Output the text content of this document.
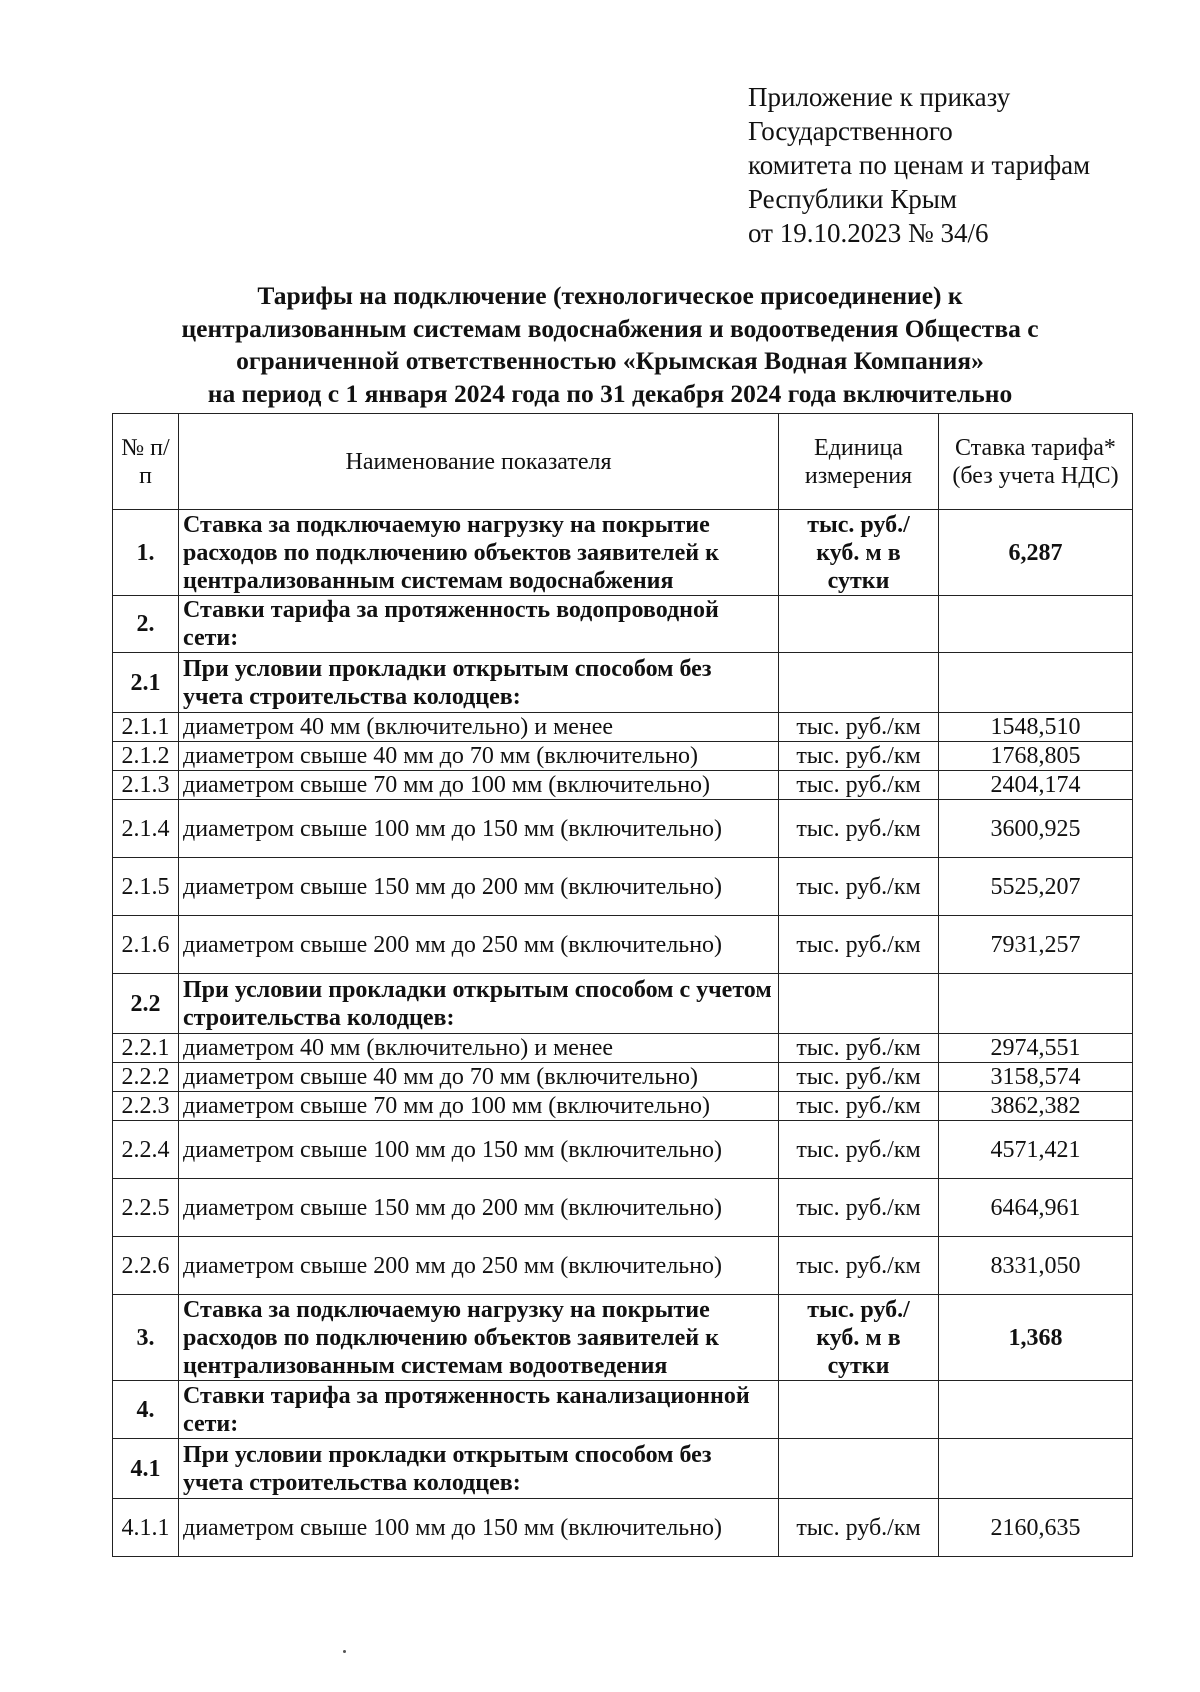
Приложение к приказу
Государственного
комитета по ценам и тарифам
Республики Крым
от 19.10.2023 № 34/6
Тарифы на подключение (технологическое присоединение) к
централизованным системам водоснабжения и водоотведения Общества с
ограниченной ответственностью «Крымская Водная Компания»
на период с 1 января 2024 года по 31 декабря 2024 года включительно
№ п/п	Наименование показателя	Единица измерения	Ставка тарифа* (без учета НДС)
1.	Ставка за подключаемую нагрузку на покрытие расходов по подключению объектов заявителей к централизованным системам водоснабжения	тыс. руб./ куб. м в сутки	6,287
2.	Ставки тарифа за протяженность водопроводной сети:		
2.1	При условии прокладки открытым способом без учета строительства колодцев:		
2.1.1	диаметром 40 мм (включительно) и менее	тыс. руб./км	1548,510
2.1.2	диаметром свыше 40 мм до 70 мм (включительно)	тыс. руб./км	1768,805
2.1.3	диаметром свыше 70 мм до 100 мм (включительно)	тыс. руб./км	2404,174
2.1.4	диаметром свыше 100 мм до 150 мм (включительно)	тыс. руб./км	3600,925
2.1.5	диаметром свыше 150 мм до 200 мм (включительно)	тыс. руб./км	5525,207
2.1.6	диаметром свыше 200 мм до 250 мм (включительно)	тыс. руб./км	7931,257
2.2	При условии прокладки открытым способом с учетом строительства колодцев:		
2.2.1	диаметром 40 мм (включительно) и менее	тыс. руб./км	2974,551
2.2.2	диаметром свыше 40 мм до 70 мм (включительно)	тыс. руб./км	3158,574
2.2.3	диаметром свыше 70 мм до 100 мм (включительно)	тыс. руб./км	3862,382
2.2.4	диаметром свыше 100 мм до 150 мм (включительно)	тыс. руб./км	4571,421
2.2.5	диаметром свыше 150 мм до 200 мм (включительно)	тыс. руб./км	6464,961
2.2.6	диаметром свыше 200 мм до 250 мм (включительно)	тыс. руб./км	8331,050
3.	Ставка за подключаемую нагрузку на покрытие расходов по подключению объектов заявителей к централизованным системам водоотведения	тыс. руб./ куб. м в сутки	1,368
4.	Ставки тарифа за протяженность канализационной сети:		
4.1	При условии прокладки открытым способом без учета строительства колодцев:		
4.1.1	диаметром свыше 100 мм до 150 мм (включительно)	тыс. руб./км	2160,635
